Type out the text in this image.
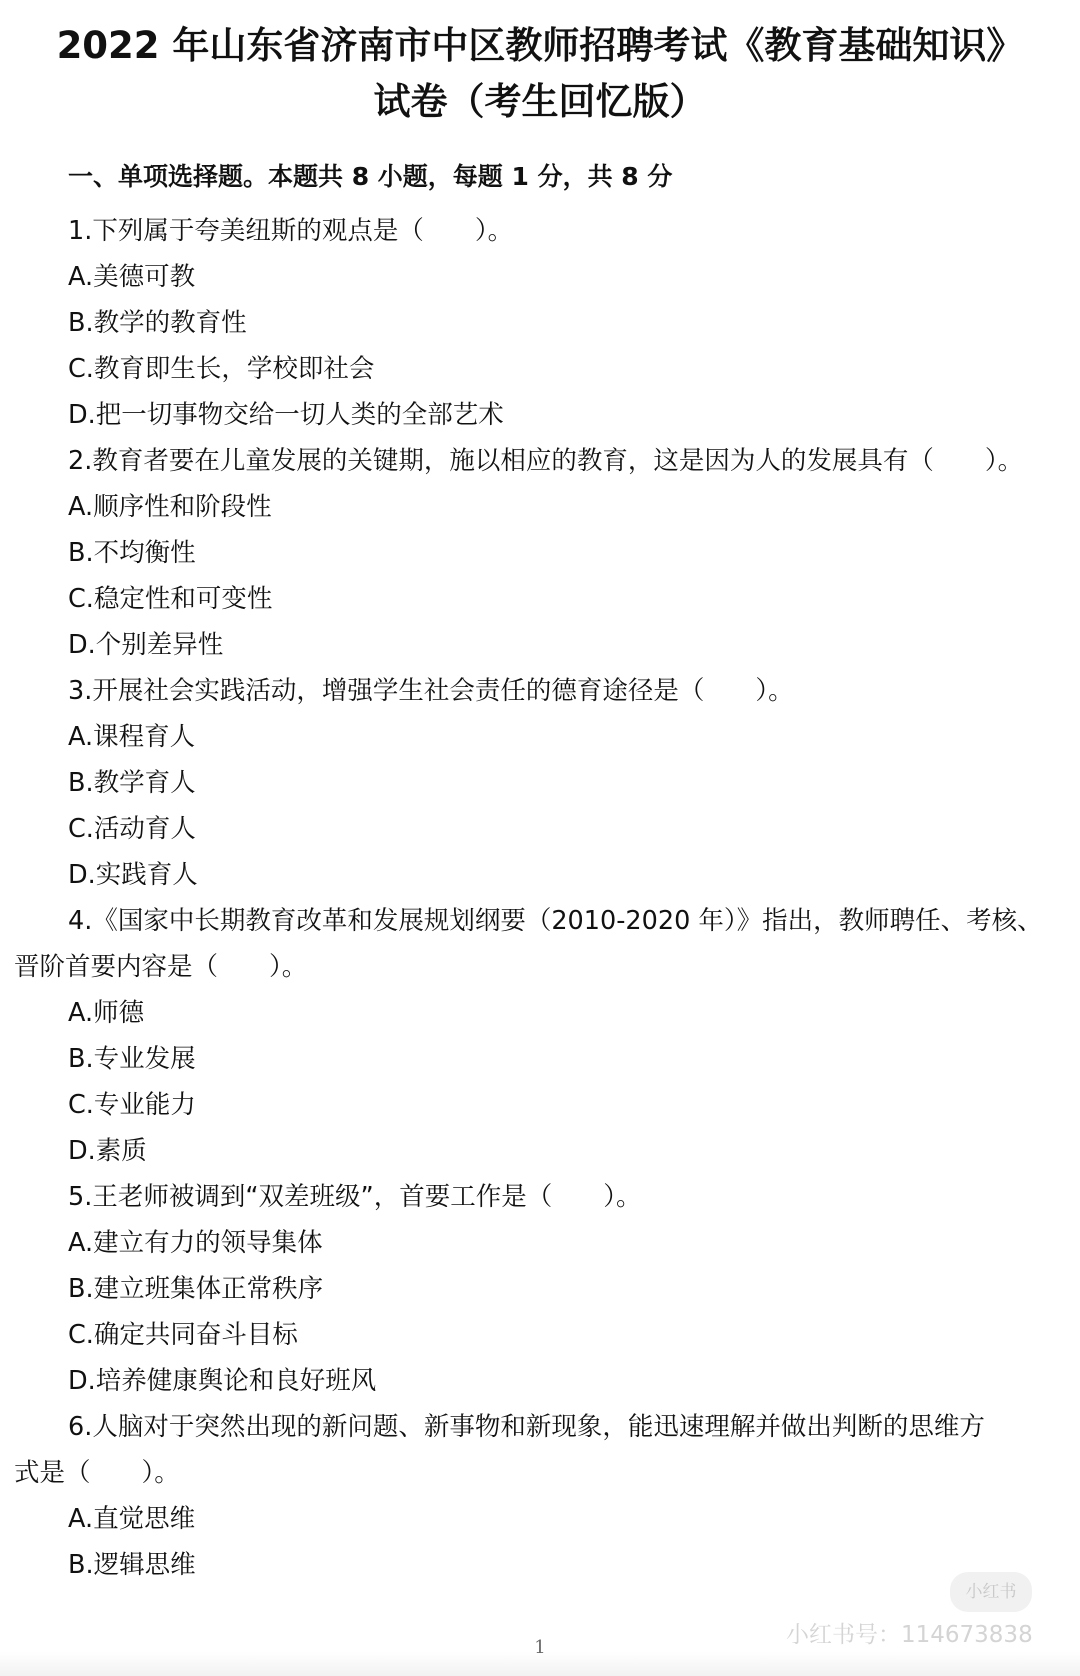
2022 年山东省济南市中区教师招聘考试《教育基础知识》
试卷（考生回忆版）
一、单项选择题。本题共 8 小题，每题 1 分，共 8 分
1.下列属于夸美纽斯的观点是（　　）。
A.美德可教
B.教学的教育性
C.教育即生长，学校即社会
D.把一切事物交给一切人类的全部艺术
2.教育者要在儿童发展的关键期，施以相应的教育，这是因为人的发展具有（　　）。
A.顺序性和阶段性
B.不均衡性
C.稳定性和可变性
D.个别差异性
3.开展社会实践活动，增强学生社会责任的德育途径是（　　）。
A.课程育人
B.教学育人
C.活动育人
D.实践育人
4.《国家中长期教育改革和发展规划纲要（2010-2020 年）》指出，教师聘任、考核、
晋阶首要内容是（　　）。
A.师德
B.专业发展
C.专业能力
D.素质
5.王老师被调到“双差班级”，首要工作是（　　）。
A.建立有力的领导集体
B.建立班集体正常秩序
C.确定共同奋斗目标
D.培养健康舆论和良好班风
6.人脑对于突然出现的新问题、新事物和新现象，能迅速理解并做出判断的思维方
式是（　　）。
A.直觉思维
B.逻辑思维
小红书
小红书号：114673838
1
